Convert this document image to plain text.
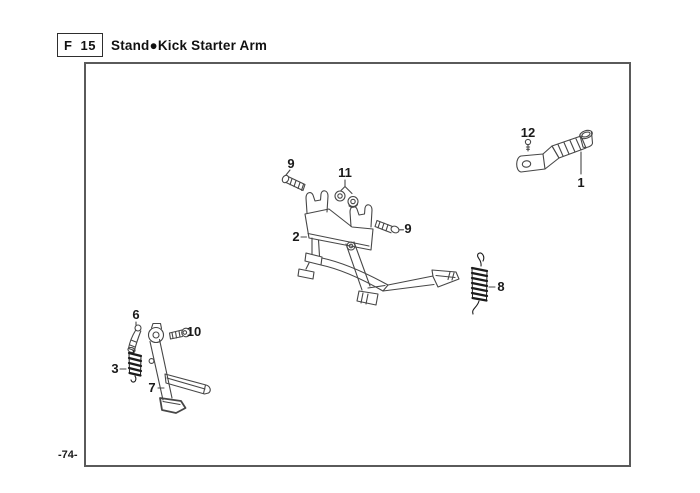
F 15 Stand●Kick Starter Arm
1
2
3
6
7
8
9
9
10
11
12
-74-
